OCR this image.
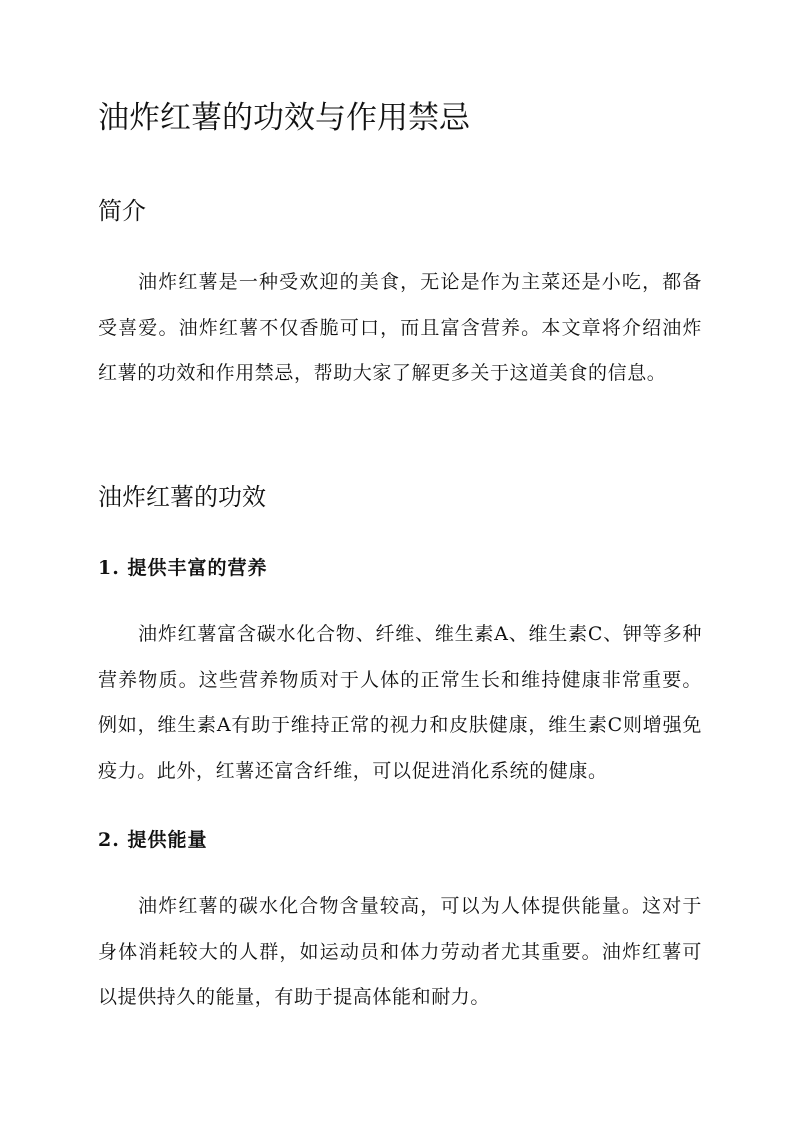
油炸红薯的功效与作用禁忌
简介

油炸红薯是一种受欢迎的美食，无论是作为主菜还是小吃，都备受喜爱。油炸红薯不仅香脆可口，而且富含营养。本文章将介绍油炸红薯的功效和作用禁忌，帮助大家了解更多关于这道美食的信息。

油炸红薯的功效
1. 提供丰富的营养

油炸红薯富含碳水化合物、纤维、维生素A、维生素C、钾等多种营养物质。这些营养物质对于人体的正常生长和维持健康非常重要。例如，维生素A有助于维持正常的视力和皮肤健康，维生素C则增强免疫力。此外，红薯还富含纤维，可以促进消化系统的健康。

2. 提供能量

油炸红薯的碳水化合物含量较高，可以为人体提供能量。这对于身体消耗较大的人群，如运动员和体力劳动者尤其重要。油炸红薯可以提供持久的能量，有助于提高体能和耐力。
